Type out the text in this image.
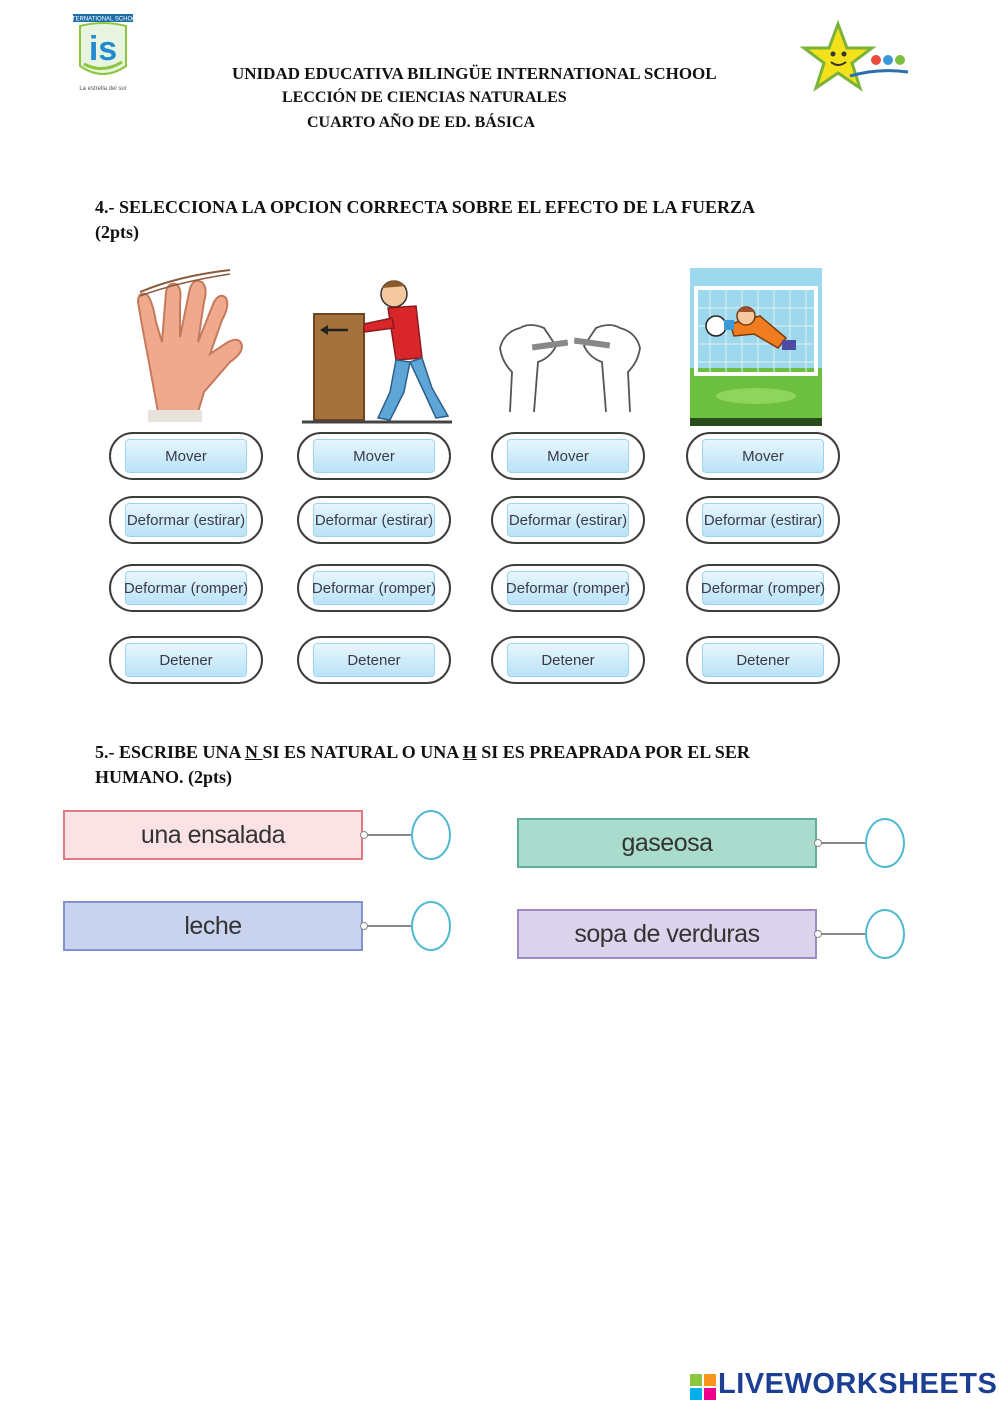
INTERNATIONAL SCHOOL
is
La estrella del sur
UNIDAD EDUCATIVA BILINGÜE INTERNATIONAL SCHOOL
LECCIÓN DE CIENCIAS NATURALES
CUARTO AÑO DE ED. BÁSICA
4.- SELECCIONA LA OPCION CORRECTA SOBRE EL EFECTO DE LA FUERZA (2pts)
Mover
Deformar (estirar)
Deformar (romper)
Detener
Mover
Deformar (estirar)
Deformar (romper)
Detener
Mover
Deformar (estirar)
Deformar (romper)
Detener
Mover
Deformar (estirar)
Deformar (romper)
Detener
5.- ESCRIBE UNA N SI ES NATURAL O UNA H SI ES PREAPRADA POR EL SER HUMANO. (2pts)
una ensalada	gaseosa
leche	sopa de verduras
LIVEWORKSHEETS
